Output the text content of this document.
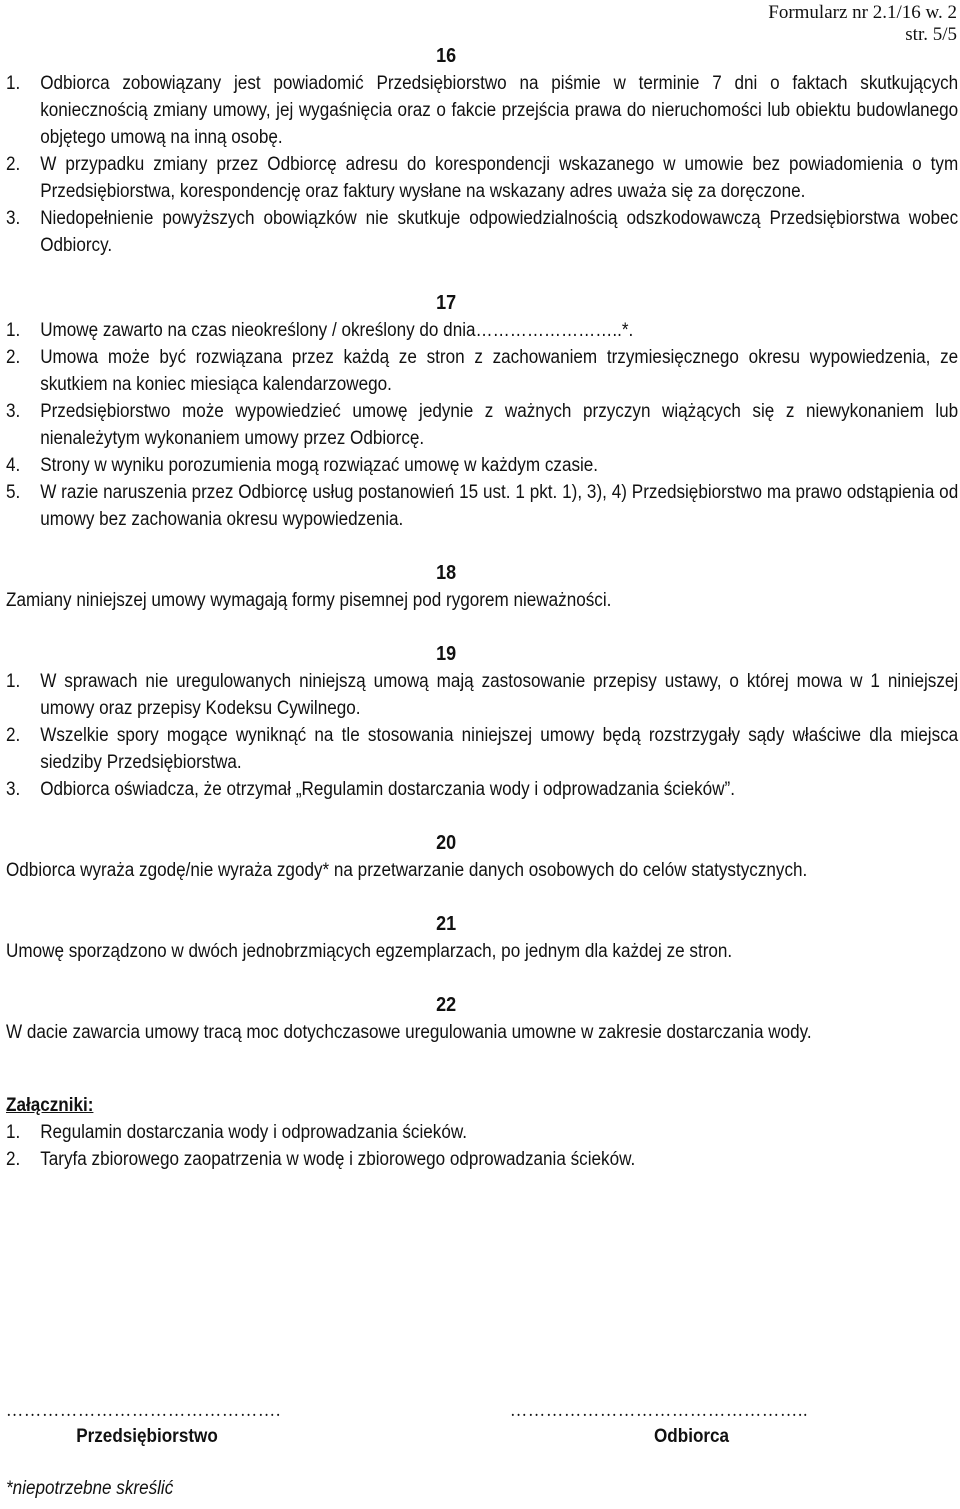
Formularz nr 2.1/16 w. 2
str. 5/5
16
1.	Odbiorca zobowiązany jest powiadomić Przedsiębiorstwo na piśmie w terminie 7 dni o faktach skutkujących koniecznością zmiany umowy, jej wygaśnięcia oraz o fakcie przejścia prawa do nieruchomości lub obiektu budowlanego objętego umową na inną osobę.
2.	W przypadku zmiany przez Odbiorcę adresu do korespondencji wskazanego w umowie bez powiadomienia o tym Przedsiębiorstwa, korespondencję oraz faktury wysłane na wskazany adres uważa się za doręczone.
3.	Niedopełnienie powyższych obowiązków nie skutkuje odpowiedzialnością odszkodowawczą Przedsiębiorstwa wobec Odbiorcy.
17
1.	Umowę zawarto na czas nieokreślony / określony do dnia……………………..*.
2.	Umowa może być rozwiązana przez każdą ze stron z zachowaniem trzymiesięcznego okresu wypowiedzenia, ze skutkiem na koniec miesiąca kalendarzowego.
3.	Przedsiębiorstwo może wypowiedzieć umowę jedynie z ważnych przyczyn wiążących się z niewykonaniem lub nienależytym wykonaniem umowy przez Odbiorcę.
4.	Strony w wyniku porozumienia mogą rozwiązać umowę w każdym czasie.
5.	W razie naruszenia przez Odbiorcę usług postanowień 15 ust. 1 pkt. 1), 3), 4) Przedsiębiorstwo ma prawo odstąpienia od umowy bez zachowania okresu wypowiedzenia.
18
Zamiany niniejszej umowy wymagają formy pisemnej pod rygorem nieważności.
19
1.	W sprawach nie uregulowanych niniejszą umową mają zastosowanie przepisy ustawy, o której mowa w 1 niniejszej umowy oraz przepisy Kodeksu Cywilnego.
2.	Wszelkie spory mogące wyniknąć na tle stosowania niniejszej umowy będą rozstrzygały sądy właściwe dla miejsca siedziby Przedsiębiorstwa.
3.	Odbiorca oświadcza, że otrzymał „Regulamin dostarczania wody i odprowadzania ścieków”.
20
Odbiorca wyraża zgodę/nie wyraża zgody* na przetwarzanie danych osobowych do celów statystycznych.
21
Umowę sporządzono w dwóch jednobrzmiących egzemplarzach, po jednym dla każdej ze stron.
22
W dacie zawarcia umowy tracą moc dotychczasowe uregulowania umowne w zakresie dostarczania wody.
Załączniki:
1.	Regulamin dostarczania wody i odprowadzania ścieków.
2.	Taryfa zbiorowego zaopatrzenia w wodę i zbiorowego odprowadzania ścieków.
……………………………………….
Przedsiębiorstwo
…………………………………………..
Odbiorca
*niepotrzebne skreślić
